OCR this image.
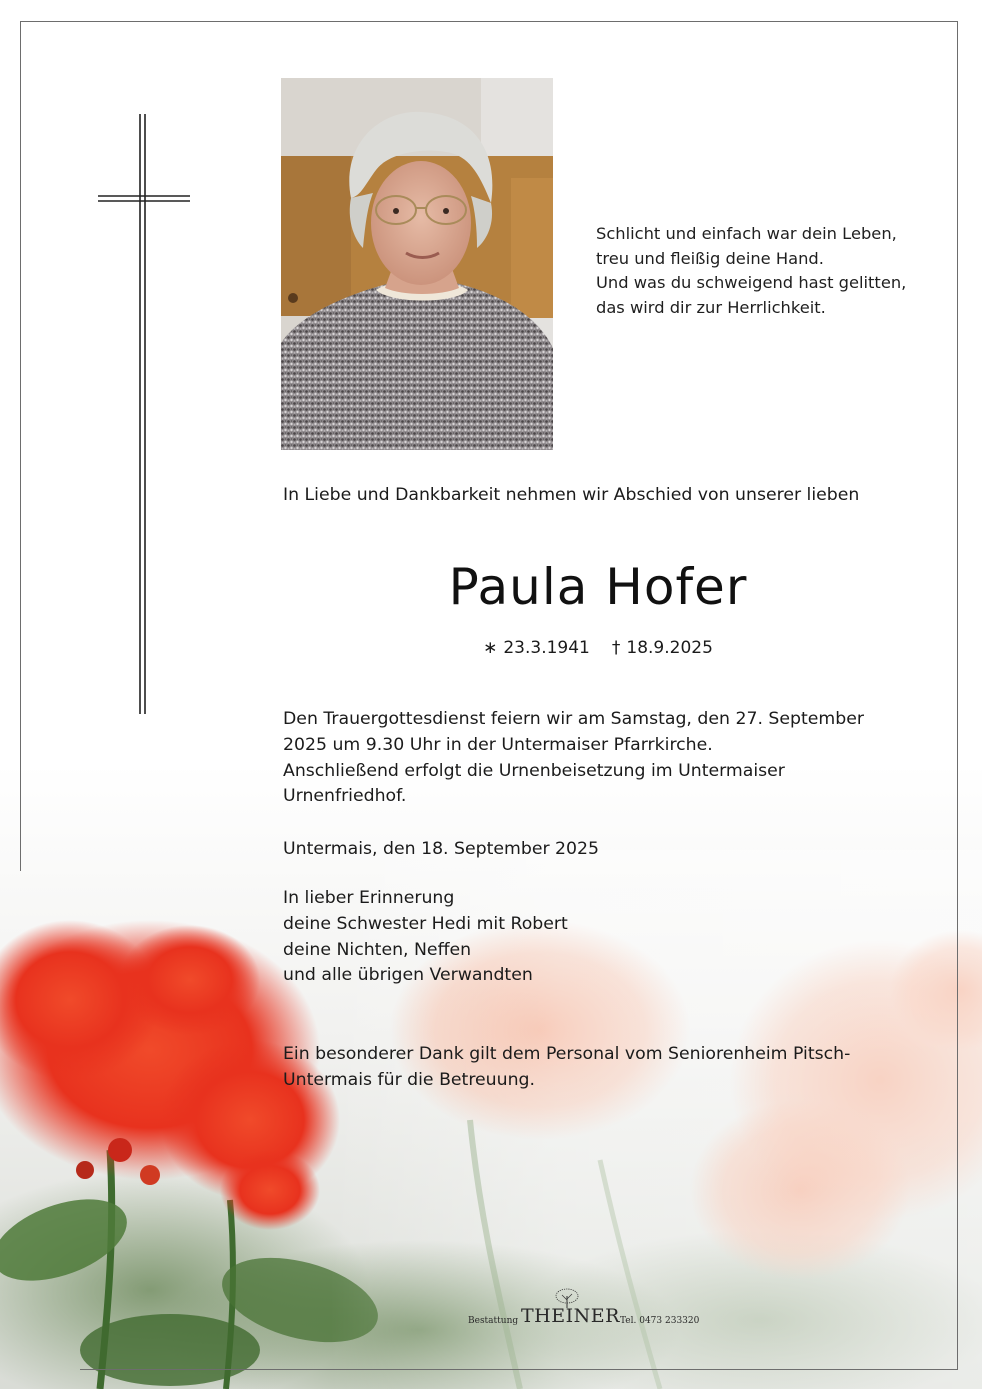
Schlicht und einfach war dein Leben,
treu und fleißig deine Hand.
Und was du schweigend hast gelitten,
das wird dir zur Herrlichkeit.
In Liebe und Dankbarkeit nehmen wir Abschied von unserer lieben
Paula Hofer
∗ 23.3.1941 † 18.9.2025
Den Trauergottesdienst feiern wir am Samstag, den 27. September
2025 um 9.30 Uhr in der Untermaiser Pfarrkirche.
Anschließend erfolgt die Urnenbeisetzung im Untermaiser
Urnenfriedhof.
Untermais, den 18. September 2025
In lieber Erinnerung
deine Schwester Hedi mit Robert
deine Nichten, Neffen
und alle übrigen Verwandten
Ein besonderer Dank gilt dem Personal vom Seniorenheim Pitsch-
Untermais für die Betreuung.
Bestattung THEINER Tel. 0473 233320
